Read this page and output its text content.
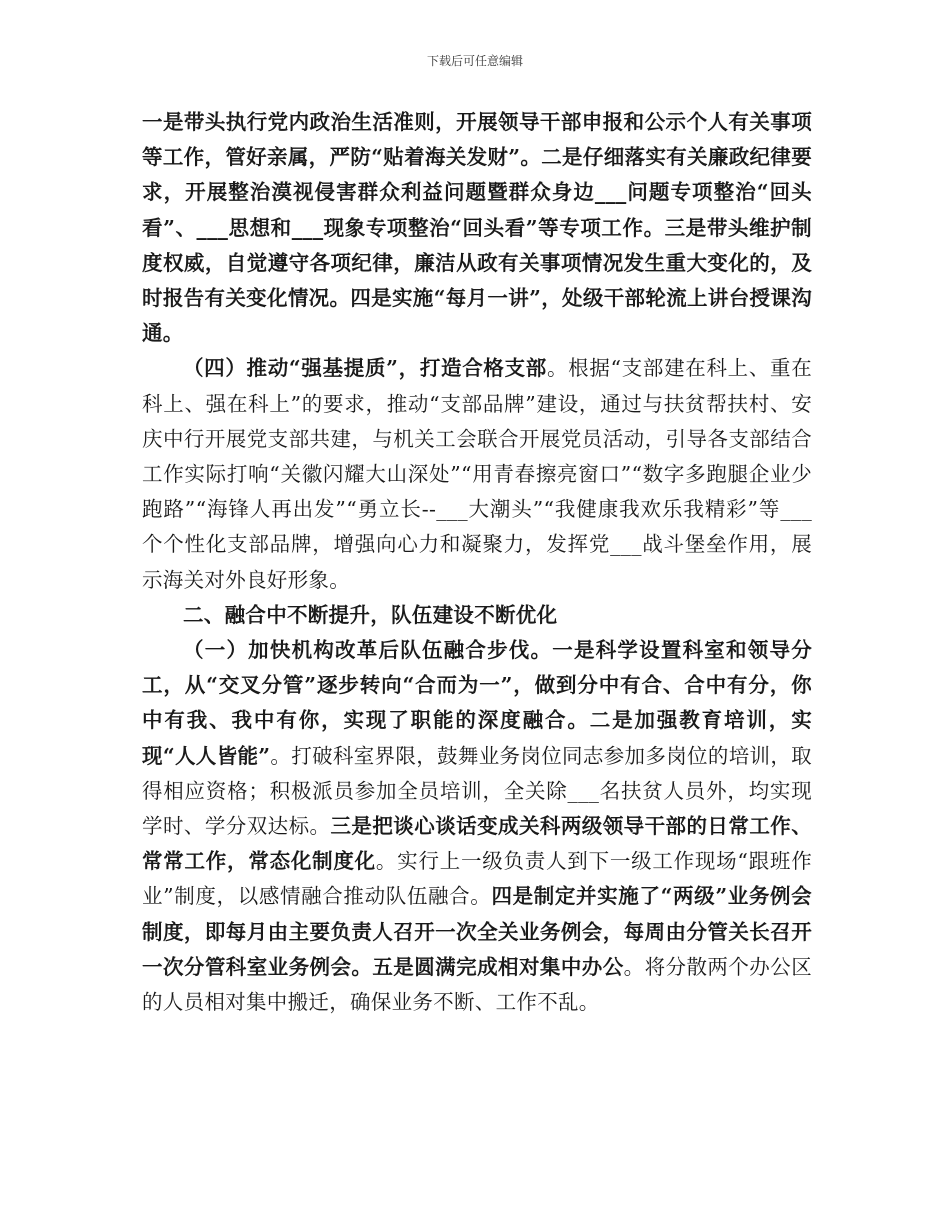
下载后可任意编辑

一是带头执行党内政治生活准则，开展领导干部申报和公示个人有关事项等工作，管好亲属，严防“贴着海关发财”。二是仔细落实有关廉政纪律要求，开展整治漠视侵害群众利益问题暨群众身边___问题专项整治“回头看”、___思想和___现象专项整治“回头看”等专项工作。三是带头维护制度权威，自觉遵守各项纪律，廉洁从政有关事项情况发生重大变化的，及时报告有关变化情况。四是实施“每月一讲”，处级干部轮流上讲台授课沟通。

（四）推动“强基提质”，打造合格支部。根据“支部建在科上、重在科上、强在科上”的要求，推动“支部品牌”建设，通过与扶贫帮扶村、安庆中行开展党支部共建，与机关工会联合开展党员活动，引导各支部结合工作实际打响“关徽闪耀大山深处”“用青春擦亮窗口”“数字多跑腿企业少跑路”“海锋人再出发”“勇立长--___大潮头”“我健康我欢乐我精彩”等___个个性化支部品牌，增强向心力和凝聚力，发挥党___战斗堡垒作用，展示海关对外良好形象。

二、融合中不断提升，队伍建设不断优化

（一）加快机构改革后队伍融合步伐。一是科学设置科室和领导分工，从“交叉分管”逐步转向“合而为一”，做到分中有合、合中有分，你中有我、我中有你，实现了职能的深度融合。二是加强教育培训，实现“人人皆能”。打破科室界限，鼓舞业务岗位同志参加多岗位的培训，取得相应资格；积极派员参加全员培训，全关除___名扶贫人员外，均实现学时、学分双达标。三是把谈心谈话变成关科两级领导干部的日常工作、常常工作，常态化制度化。实行上一级负责人到下一级工作现场“跟班作业”制度，以感情融合推动队伍融合。四是制定并实施了“两级”业务例会制度，即每月由主要负责人召开一次全关业务例会，每周由分管关长召开一次分管科室业务例会。五是圆满完成相对集中办公。将分散两个办公区的人员相对集中搬迁，确保业务不断、工作不乱。
